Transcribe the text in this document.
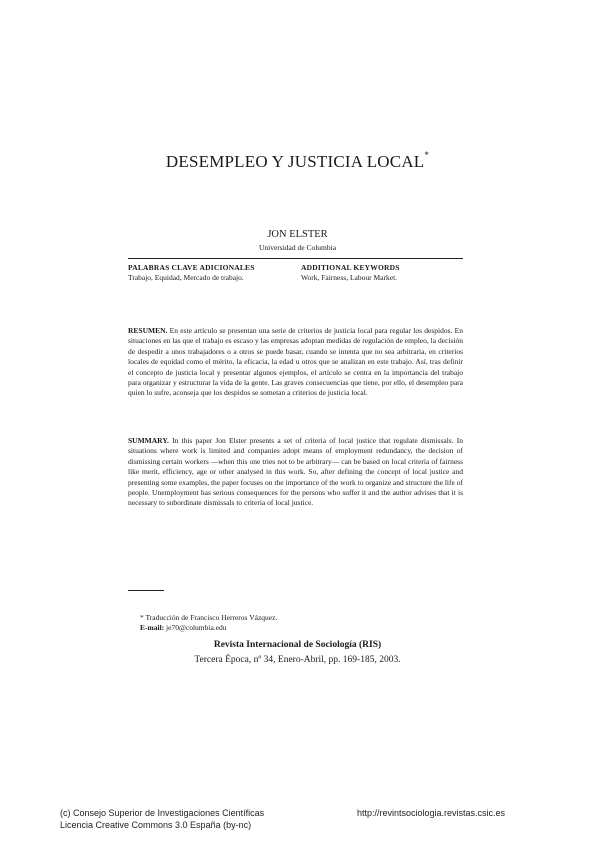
DESEMPLEO Y JUSTICIA LOCAL*
JON ELSTER
Universidad de Columbia
PALABRAS CLAVE ADICIONALES
Trabajo, Equidad, Mercado de trabajo.
ADDITIONAL KEYWORDS
Work, Fairness, Labour Market.
RESUMEN. En este artículo se presentan una serie de criterios de justicia local para regular los despidos. En situaciones en las que el trabajo es escaso y las empresas adoptan medidas de regulación de empleo, la decisión de despedir a unos trabajadores o a otros se puede basar, cuando se intenta que no sea arbitraria, en criterios locales de equidad como el mérito, la eficacia, la edad u otros que se analizan en este trabajo. Así, tras definir el concepto de justicia local y presentar algunos ejemplos, el artículo se centra en la importancia del trabajo para organizar y estructurar la vida de la gente. Las graves consecuencias que tiene, por ello, el desempleo para quien lo sufre, aconseja que los despidos se sometan a criterios de justicia local.
SUMMARY. In this paper Jon Elster presents a set of criteria of local justice that regulate dismissals. In situations where work is limited and companies adopt means of employment redundancy, the decision of dismissing certain workers —when this one tries not to be arbitrary— can be based on local criteria of fairness like merit, efficiency, age or other analysed in this work. So, after defining the concept of local justice and presenting some examples, the paper focuses on the importance of the work to organize and structure the life of people. Unemployment has serious consequences for the persons who suffer it and the author advises that it is necessary to subordinate dismissals to criteria of local justice.
* Traducción de Francisco Herreros Vázquez.
E-mail: je70@columbia.edu
Revista Internacional de Sociología (RIS)
Tercera Época, nº 34, Enero-Abril, pp. 169-185, 2003.
(c) Consejo Superior de Investigaciones Científicas
Licencia Creative Commons 3.0 España (by-nc)
http://revintsociologia.revistas.csic.es
